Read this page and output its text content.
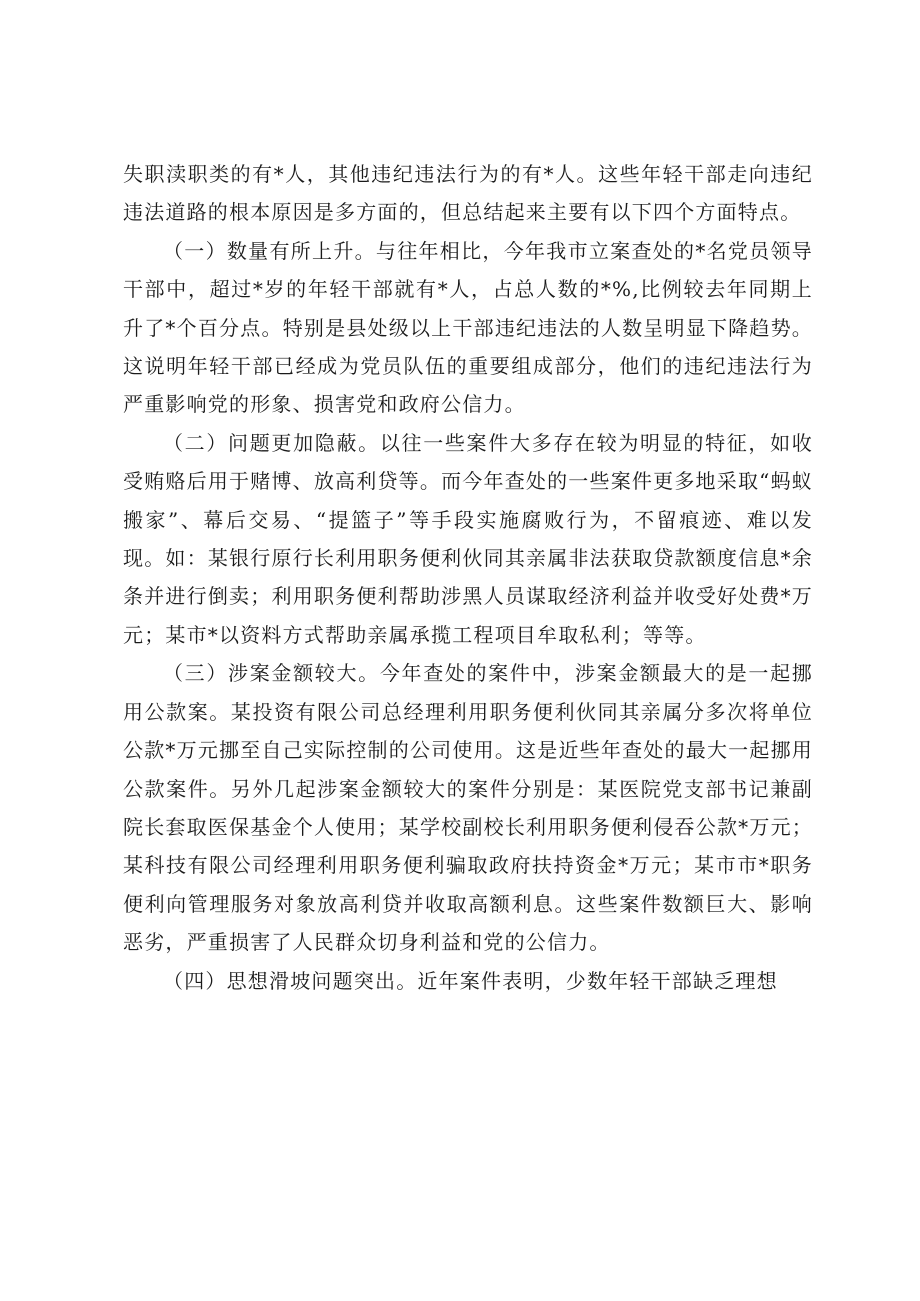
失职渎职类的有*人，其他违纪违法行为的有*人。这些年轻干部走向违纪违法道路的根本原因是多方面的，但总结起来主要有以下四个方面特点。

（一）数量有所上升。与往年相比，今年我市立案查处的*名党员领导干部中，超过*岁的年轻干部就有*人，占总人数的*%,比例较去年同期上升了*个百分点。特别是县处级以上干部违纪违法的人数呈明显下降趋势。这说明年轻干部已经成为党员队伍的重要组成部分，他们的违纪违法行为严重影响党的形象、损害党和政府公信力。

（二）问题更加隐蔽。以往一些案件大多存在较为明显的特征，如收受贿赂后用于赌博、放高利贷等。而今年查处的一些案件更多地采取“蚂蚁搬家”、幕后交易、“提篮子”等手段实施腐败行为，不留痕迹、难以发现。如：某银行原行长利用职务便利伙同其亲属非法获取贷款额度信息*余条并进行倒卖；利用职务便利帮助涉黑人员谋取经济利益并收受好处费*万元；某市*以资料方式帮助亲属承揽工程项目牟取私利；等等。

（三）涉案金额较大。今年查处的案件中，涉案金额最大的是一起挪用公款案。某投资有限公司总经理利用职务便利伙同其亲属分多次将单位公款*万元挪至自己实际控制的公司使用。这是近些年查处的最大一起挪用公款案件。另外几起涉案金额较大的案件分别是：某医院党支部书记兼副院长套取医保基金个人使用；某学校副校长利用职务便利侵吞公款*万元；某科技有限公司经理利用职务便利骗取政府扶持资金*万元；某市市*职务便利向管理服务对象放高利贷并收取高额利息。这些案件数额巨大、影响恶劣，严重损害了人民群众切身利益和党的公信力。

（四）思想滑坡问题突出。近年案件表明，少数年轻干部缺乏理想
